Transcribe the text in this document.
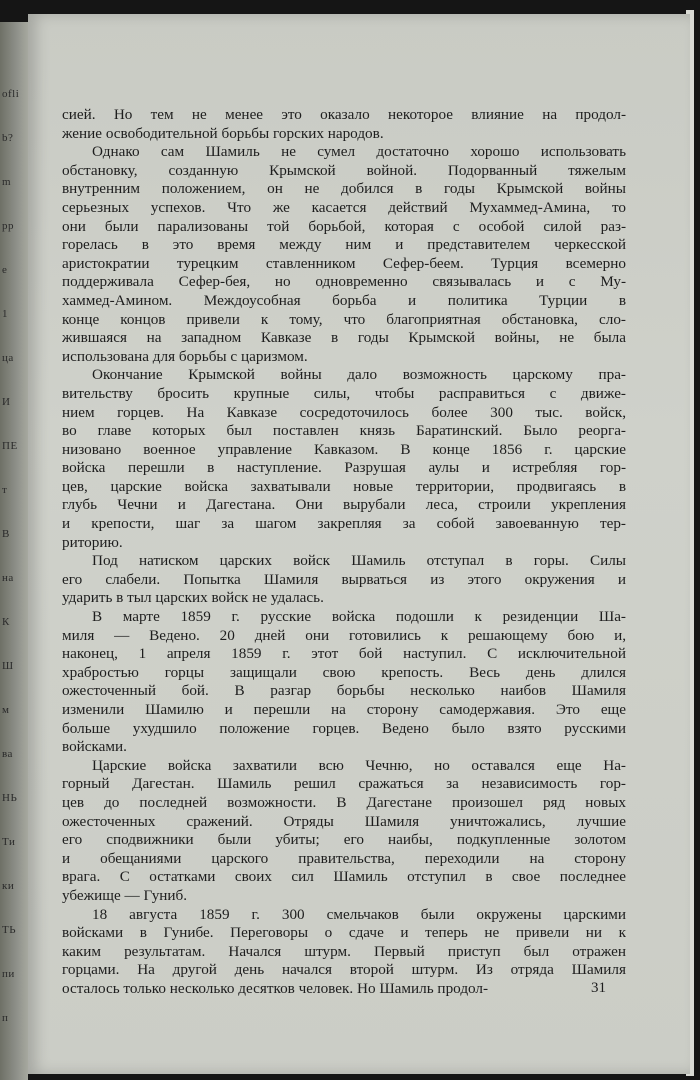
ofli
b?
m
pp
е
1
ца
И
ПЕ
т
В
на
К
Ш
м
ва
НЬ
Ти
ки
ТЬ
пи
п
сией. Но тем не менее это оказало некоторое влияние на продол-
жение освободительной борьбы горских народов.
Однако сам Шамиль не сумел достаточно хорошо использовать
обстановку, созданную Крымской войной. Подорванный тяжелым
внутренним положением, он не добился в годы Крымской войны
серьезных успехов. Что же касается действий Мухаммед-Амина, то
они были парализованы той борьбой, которая с особой силой раз-
горелась в это время между ним и представителем черкесской
аристократии турецким ставленником Сефер-беем. Турция всемерно
поддерживала Сефер-бея, но одновременно связывалась и с Му-
хаммед-Амином. Междоусобная борьба и политика Турции в
конце концов привели к тому, что благоприятная обстановка, сло-
жившаяся на западном Кавказе в годы Крымской войны, не была
использована для борьбы с царизмом.
Окончание Крымской войны дало возможность царскому пра-
вительству бросить крупные силы, чтобы расправиться с движе-
нием горцев. На Кавказе сосредоточилось более 300 тыс. войск,
во главе которых был поставлен князь Баратинский. Было реорга-
низовано военное управление Кавказом. В конце 1856 г. царские
войска перешли в наступление. Разрушая аулы и истребляя гор-
цев, царские войска захватывали новые территории, продвигаясь в
глубь Чечни и Дагестана. Они вырубали леса, строили укрепления
и крепости, шаг за шагом закрепляя за собой завоеванную тер-
риторию.
Под натиском царских войск Шамиль отступал в горы. Силы
его слабели. Попытка Шамиля вырваться из этого окружения и
ударить в тыл царских войск не удалась.
В марте 1859 г. русские войска подошли к резиденции Ша-
миля — Ведено. 20 дней они готовились к решающему бою и,
наконец, 1 апреля 1859 г. этот бой наступил. С исключительной
храбростью горцы защищали свою крепость. Весь день длился
ожесточенный бой. В разгар борьбы несколько наибов Шамиля
изменили Шамилю и перешли на сторону самодержавия. Это еще
больше ухудшило положение горцев. Ведено было взято русскими
войсками.
Царские войска захватили всю Чечню, но оставался еще На-
горный Дагестан. Шамиль решил сражаться за независимость гор-
цев до последней возможности. В Дагестане произошел ряд новых
ожесточенных сражений. Отряды Шамиля уничтожались, лучшие
его сподвижники были убиты; его наибы, подкупленные золотом
и обещаниями царского правительства, переходили на сторону
врага. С остатками своих сил Шамиль отступил в свое последнее
убежище — Гуниб.
18 августа 1859 г. 300 смельчаков были окружены царскими
войсками в Гунибе. Переговоры о сдаче и теперь не привели ни к
каким результатам. Начался штурм. Первый приступ был отражен
горцами. На другой день начался второй штурм. Из отряда Шамиля
осталось только несколько десятков человек. Но Шамиль продол-	31
